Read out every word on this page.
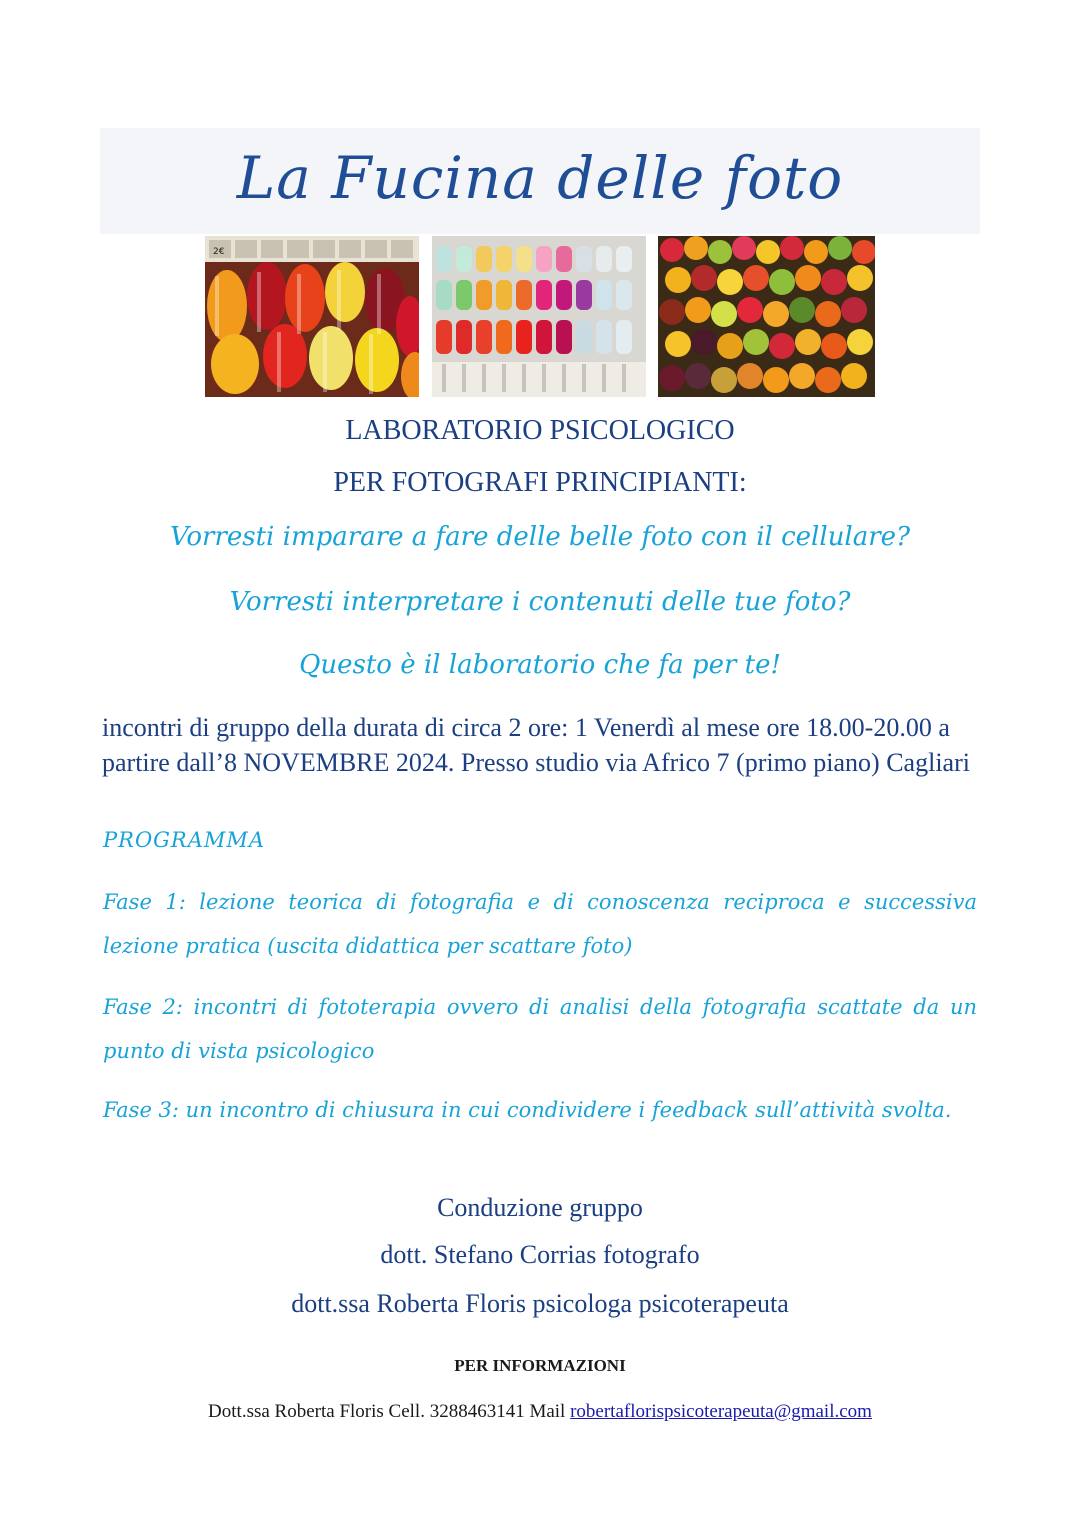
La Fucina delle foto
2€
LABORATORIO PSICOLOGICO
PER FOTOGRAFI PRINCIPIANTI:
Vorresti imparare a fare delle belle foto con il cellulare?
Vorresti interpretare i contenuti delle tue foto?
Questo è il laboratorio che fa per te!
incontri di gruppo della durata di circa 2 ore: 1 Venerdì al mese ore 18.00-20.00 a partire dall’8 NOVEMBRE 2024. Presso studio via Africo 7 (primo piano) Cagliari
PROGRAMMA
Fase 1: lezione teorica di fotografia e di conoscenza reciproca e successiva lezione pratica (uscita didattica per scattare foto)
Fase 2: incontri di fototerapia ovvero di analisi della fotografia scattate da un punto di vista psicologico
Fase 3: un incontro di chiusura in cui condividere i feedback sull’attività svolta.
Conduzione gruppo
dott. Stefano Corrias fotografo
dott.ssa Roberta Floris psicologa psicoterapeuta
PER INFORMAZIONI
Dott.ssa Roberta Floris Cell. 3288463141 Mail robertaflorispsicoterapeuta@gmail.com
